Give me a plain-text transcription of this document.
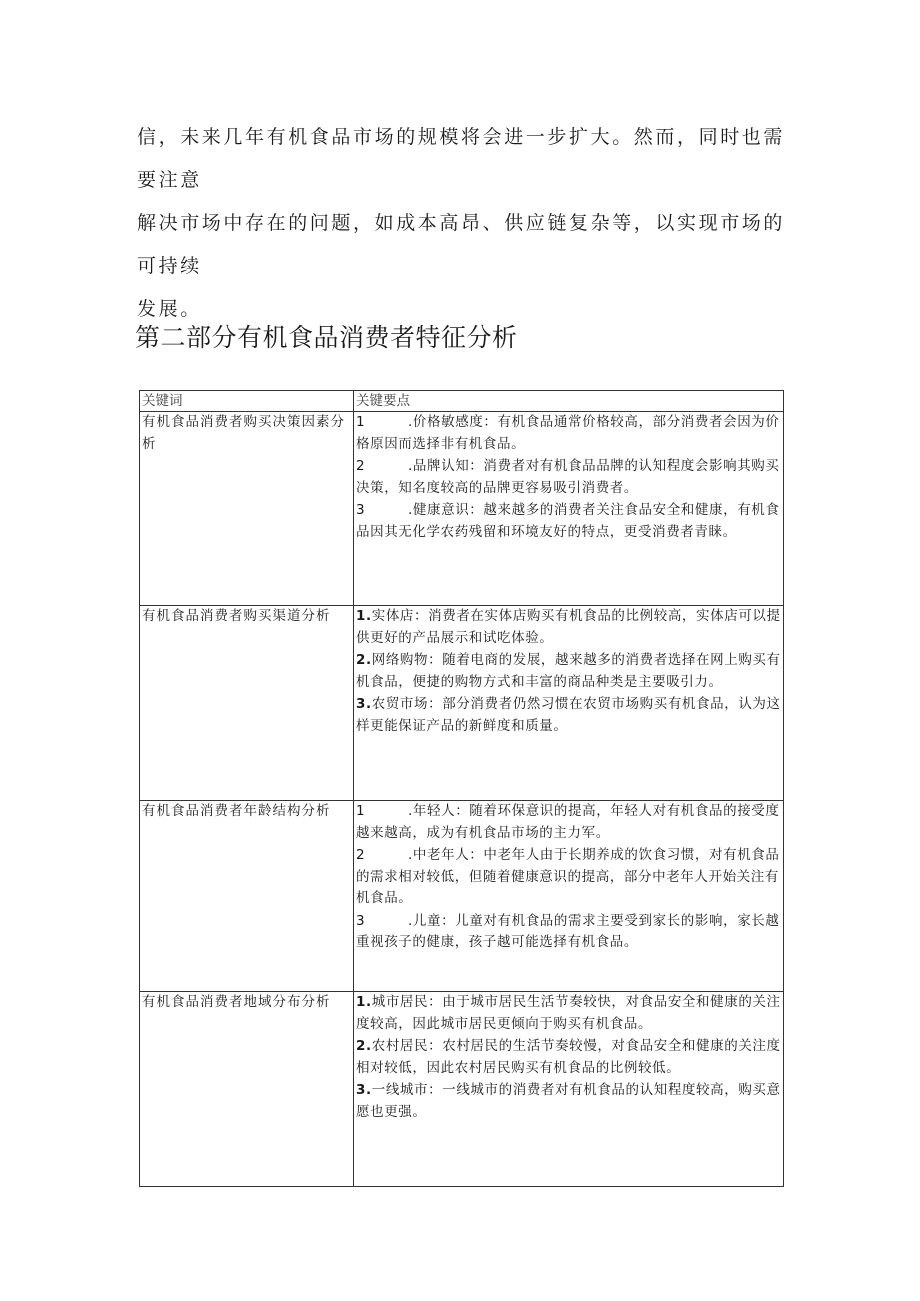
信，未来几年有机食品市场的规模将会进一步扩大。然而，同时也需要注意

解决市场中存在的问题，如成本高昂、供应链复杂等，以实现市场的可持续

发展。

第二部分有机食品消费者特征分析
关键词	关键要点
有机食品消费者购买决策因素分析	1 .价格敏感度：有机食品通常价格较高，部分消费者会因为价格原因而选择非有机食品。
2 .品牌认知：消费者对有机食品品牌的认知程度会影响其购买决策，知名度较高的品牌更容易吸引消费者。
3 .健康意识：越来越多的消费者关注食品安全和健康，有机食品因其无化学农药残留和环境友好的特点，更受消费者青睐。

有机食品消费者购买渠道分析	1.实体店：消费者在实体店购买有机食品的比例较高，实体店可以提供更好的产品展示和试吃体验。
2.网络购物：随着电商的发展，越来越多的消费者选择在网上购买有机食品，便捷的购物方式和丰富的商品种类是主要吸引力。
3.农贸市场：部分消费者仍然习惯在农贸市场购买有机食品，认为这样更能保证产品的新鲜度和质量。

有机食品消费者年龄结构分析	1 .年轻人：随着环保意识的提高，年轻人对有机食品的接受度越来越高，成为有机食品市场的主力军。
2 .中老年人：中老年人由于长期养成的饮食习惯，对有机食品的需求相对较低，但随着健康意识的提高，部分中老年人开始关注有机食品。
3 .儿童：儿童对有机食品的需求主要受到家长的影响，家长越重视孩子的健康，孩子越可能选择有机食品。

有机食品消费者地域分布分析	1.城市居民：由于城市居民生活节奏较快，对食品安全和健康的关注度较高，因此城市居民更倾向于购买有机食品。
2.农村居民：农村居民的生活节奏较慢，对食品安全和健康的关注度相对较低，因此农村居民购买有机食品的比例较低。
3.一线城市：一线城市的消费者对有机食品的认知程度较高，购买意愿也更强。
